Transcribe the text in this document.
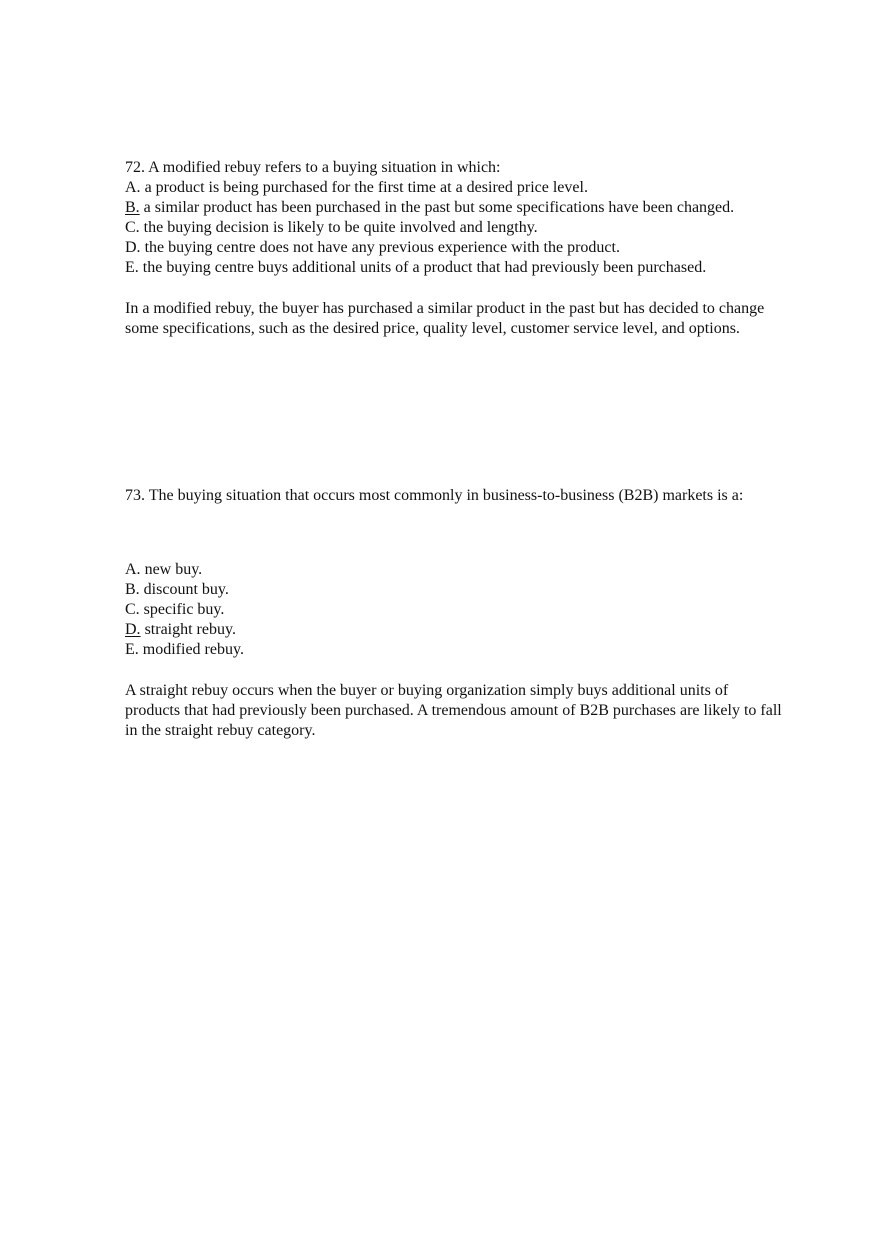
72. A modified rebuy refers to a buying situation in which:

A. a product is being purchased for the first time at a desired price level.
B. a similar product has been purchased in the past but some specifications have been changed.
C. the buying decision is likely to be quite involved and lengthy.
D. the buying centre does not have any previous experience with the product.
E. the buying centre buys additional units of a product that had previously been purchased.

In a modified rebuy, the buyer has purchased a similar product in the past but has decided to change some specifications, such as the desired price, quality level, customer service level, and options.

73. The buying situation that occurs most commonly in business-to-business (B2B) markets is a:

A. new buy.
B. discount buy.
C. specific buy.
D. straight rebuy.
E. modified rebuy.

A straight rebuy occurs when the buyer or buying organization simply buys additional units of products that had previously been purchased. A tremendous amount of B2B purchases are likely to fall in the straight rebuy category.
